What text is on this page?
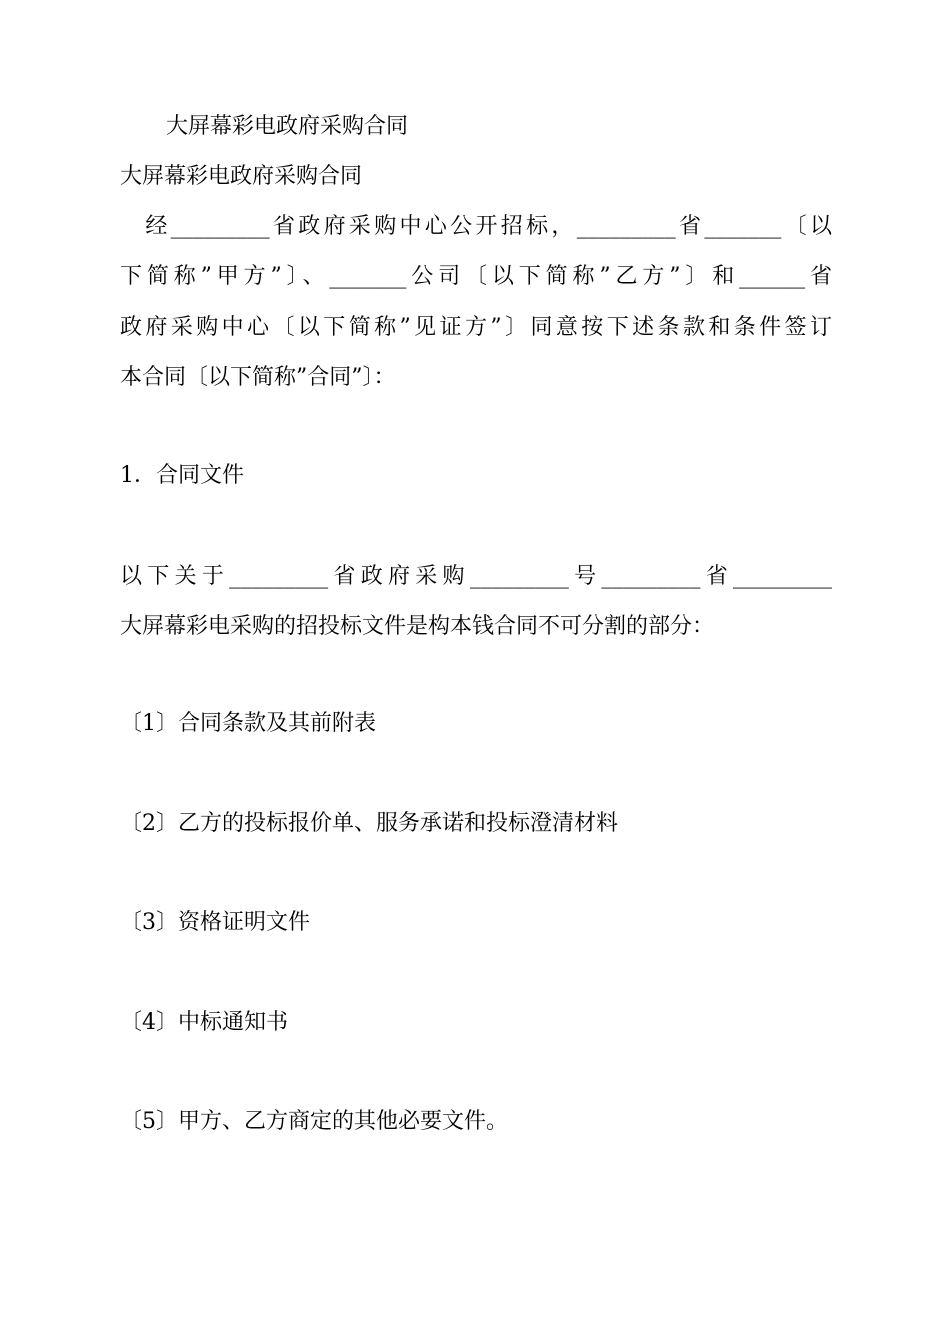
大屏幕彩电政府采购合同
大屏幕彩电政府采购合同
　经_________省政府采购中心公开招标，_________省_______〔以
下简称”甲方”〕、_______公司〔以下简称”乙方”〕和______省
政府采购中心〔以下简称”见证方”〕同意按下述条款和条件签订
本合同〔以下简称”合同”〕：
1．合同文件
以下关于_________省政府采购_________号_________省_________
大屏幕彩电采购的招投标文件是构本钱合同不可分割的部分：
〔1〕合同条款及其前附表
〔2〕乙方的投标报价单、服务承诺和投标澄清材料
〔3〕资格证明文件
〔4〕中标通知书
〔5〕甲方、乙方商定的其他必要文件。
